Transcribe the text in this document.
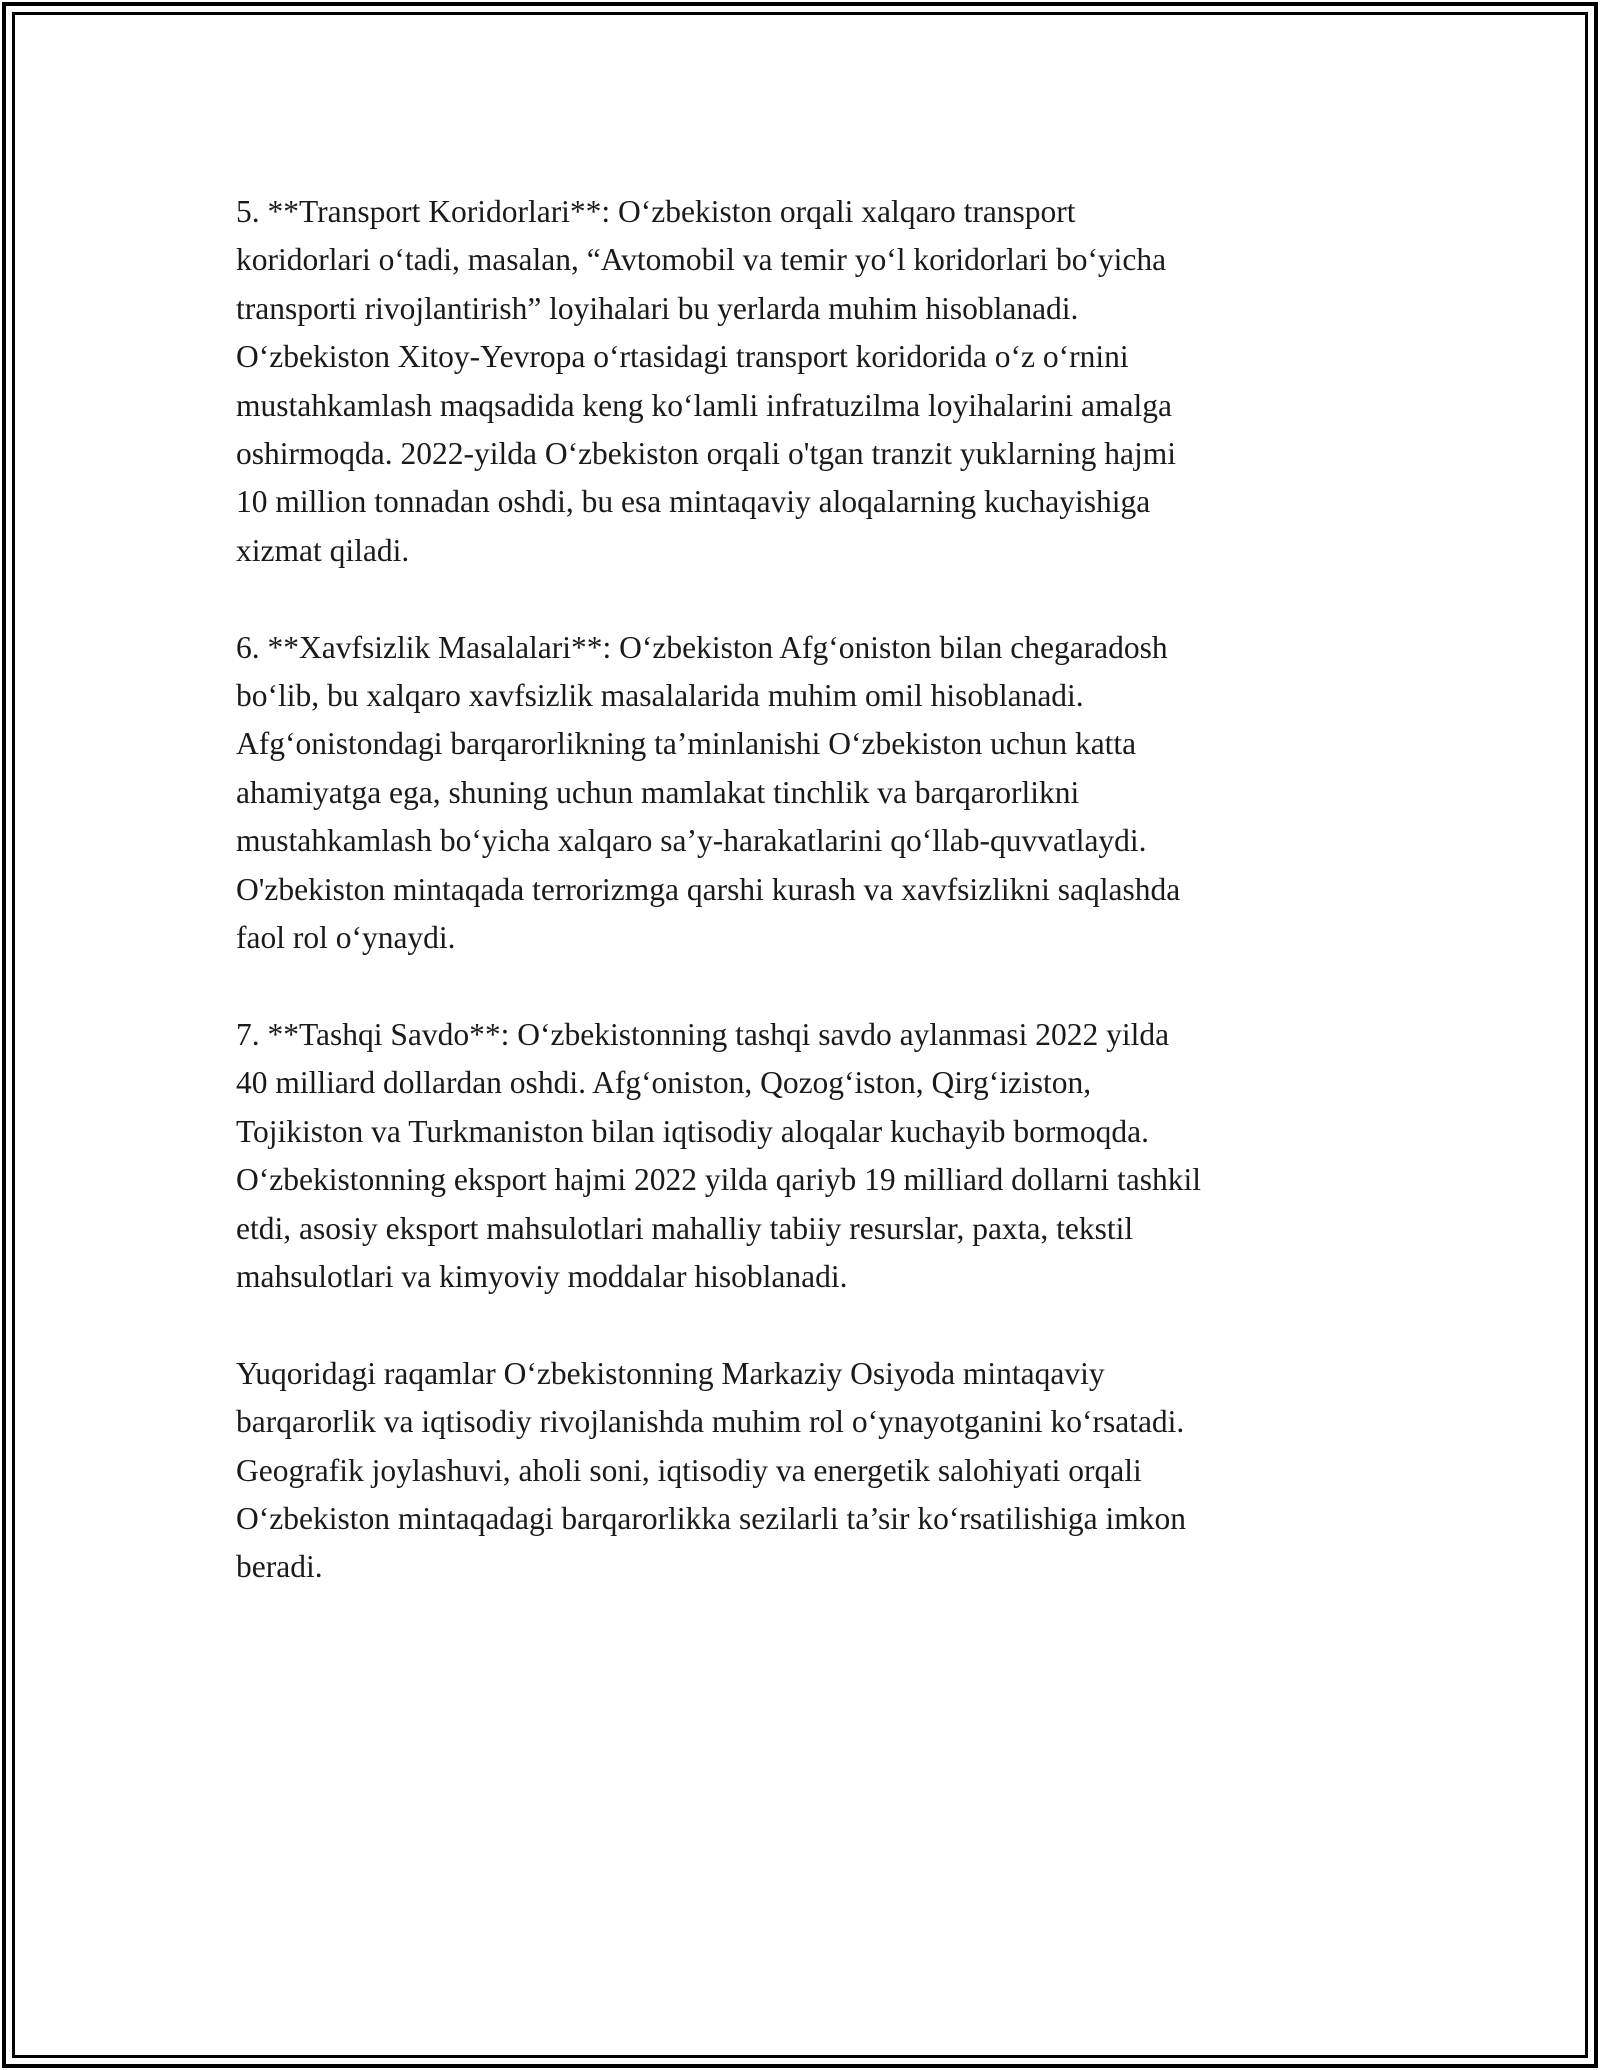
5. **Transport Koridorlari**: O‘zbekiston orqali xalqaro transport
koridorlari o‘tadi, masalan, “Avtomobil va temir yo‘l koridorlari bo‘yicha
transporti rivojlantirish” loyihalari bu yerlarda muhim hisoblanadi.
O‘zbekiston Xitoy-Yevropa o‘rtasidagi transport koridorida o‘z o‘rnini
mustahkamlash maqsadida keng ko‘lamli infratuzilma loyihalarini amalga
oshirmoqda. 2022-yilda O‘zbekiston orqali o'tgan tranzit yuklarning hajmi
10 million tonnadan oshdi, bu esa mintaqaviy aloqalarning kuchayishiga
xizmat qiladi.

6. **Xavfsizlik Masalalari**: O‘zbekiston Afg‘oniston bilan chegaradosh
bo‘lib, bu xalqaro xavfsizlik masalalarida muhim omil hisoblanadi.
Afg‘onistondagi barqarorlikning ta’minlanishi O‘zbekiston uchun katta
ahamiyatga ega, shuning uchun mamlakat tinchlik va barqarorlikni
mustahkamlash bo‘yicha xalqaro sa’y-harakatlarini qo‘llab-quvvatlaydi.
O'zbekiston mintaqada terrorizmga qarshi kurash va xavfsizlikni saqlashda
faol rol o‘ynaydi.

7. **Tashqi Savdo**: O‘zbekistonning tashqi savdo aylanmasi 2022 yilda
40 milliard dollardan oshdi. Afg‘oniston, Qozog‘iston, Qirg‘iziston,
Tojikiston va Turkmaniston bilan iqtisodiy aloqalar kuchayib bormoqda.
O‘zbekistonning eksport hajmi 2022 yilda qariyb 19 milliard dollarni tashkil
etdi, asosiy eksport mahsulotlari mahalliy tabiiy resurslar, paxta, tekstil
mahsulotlari va kimyoviy moddalar hisoblanadi.

Yuqoridagi raqamlar O‘zbekistonning Markaziy Osiyoda mintaqaviy
barqarorlik va iqtisodiy rivojlanishda muhim rol o‘ynayotganini ko‘rsatadi.
Geografik joylashuvi, aholi soni, iqtisodiy va energetik salohiyati orqali
O‘zbekiston mintaqadagi barqarorlikka sezilarli ta’sir ko‘rsatilishiga imkon
beradi.
